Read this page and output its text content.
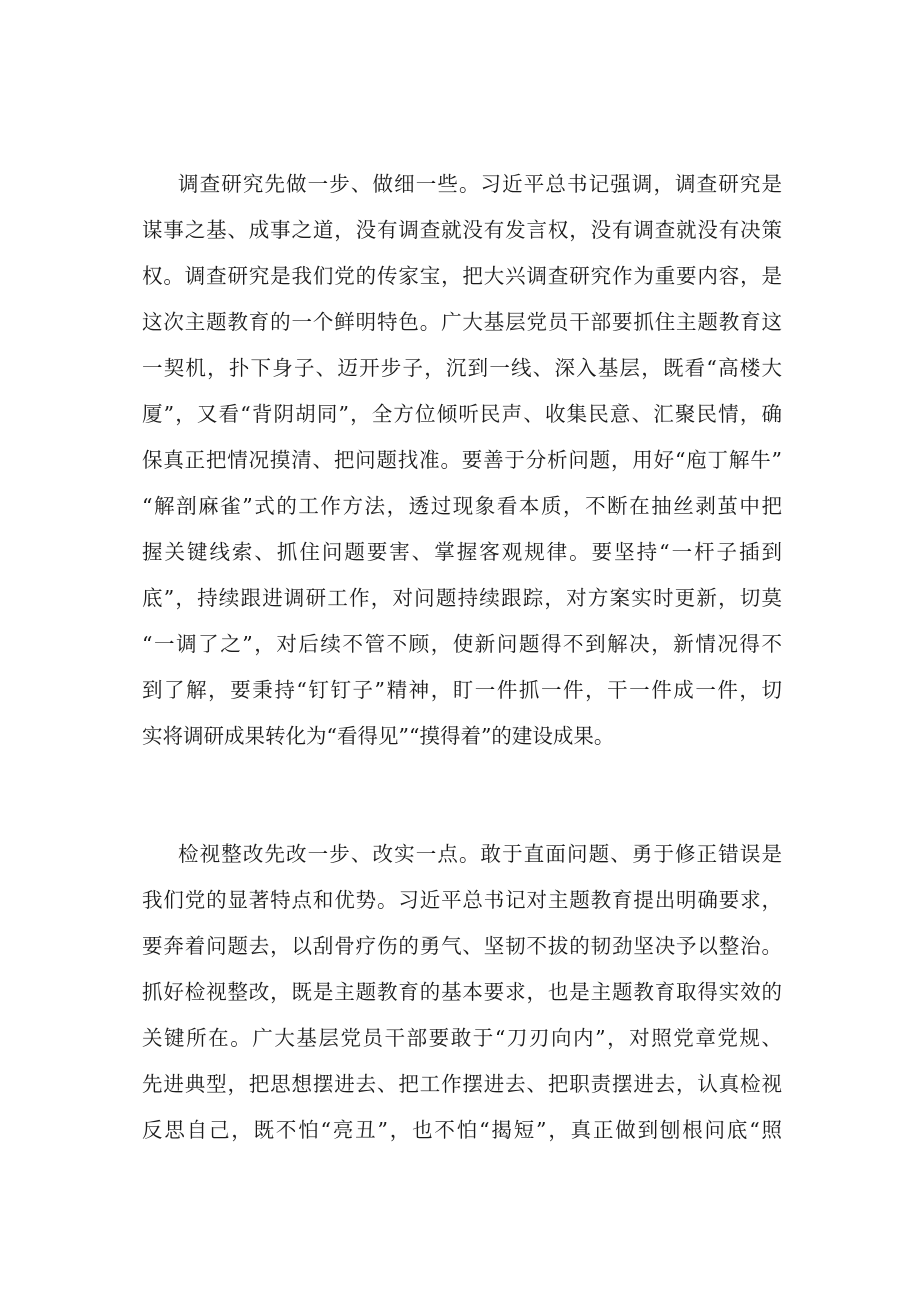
调查研究先做一步、做细一些。习近平总书记强调，调查研究是
谋事之基、成事之道，没有调查就没有发言权，没有调查就没有决策
权。调查研究是我们党的传家宝，把大兴调查研究作为重要内容，是
这次主题教育的一个鲜明特色。广大基层党员干部要抓住主题教育这
一契机，扑下身子、迈开步子，沉到一线、深入基层，既看“高楼大
厦”，又看“背阴胡同”，全方位倾听民声、收集民意、汇聚民情，确
保真正把情况摸清、把问题找准。要善于分析问题，用好“庖丁解牛”
“解剖麻雀”式的工作方法，透过现象看本质，不断在抽丝剥茧中把
握关键线索、抓住问题要害、掌握客观规律。要坚持“一杆子插到
底”，持续跟进调研工作，对问题持续跟踪，对方案实时更新，切莫
“一调了之”，对后续不管不顾，使新问题得不到解决，新情况得不
到了解，要秉持“钉钉子”精神，盯一件抓一件，干一件成一件，切
实将调研成果转化为“看得见”“摸得着”的建设成果。
检视整改先改一步、改实一点。敢于直面问题、勇于修正错误是
我们党的显著特点和优势。习近平总书记对主题教育提出明确要求，
要奔着问题去，以刮骨疗伤的勇气、坚韧不拔的韧劲坚决予以整治。
抓好检视整改，既是主题教育的基本要求，也是主题教育取得实效的
关键所在。广大基层党员干部要敢于“刀刃向内”，对照党章党规、
先进典型，把思想摆进去、把工作摆进去、把职责摆进去，认真检视
反思自己，既不怕“亮丑”，也不怕“揭短”，真正做到刨根问底“照
